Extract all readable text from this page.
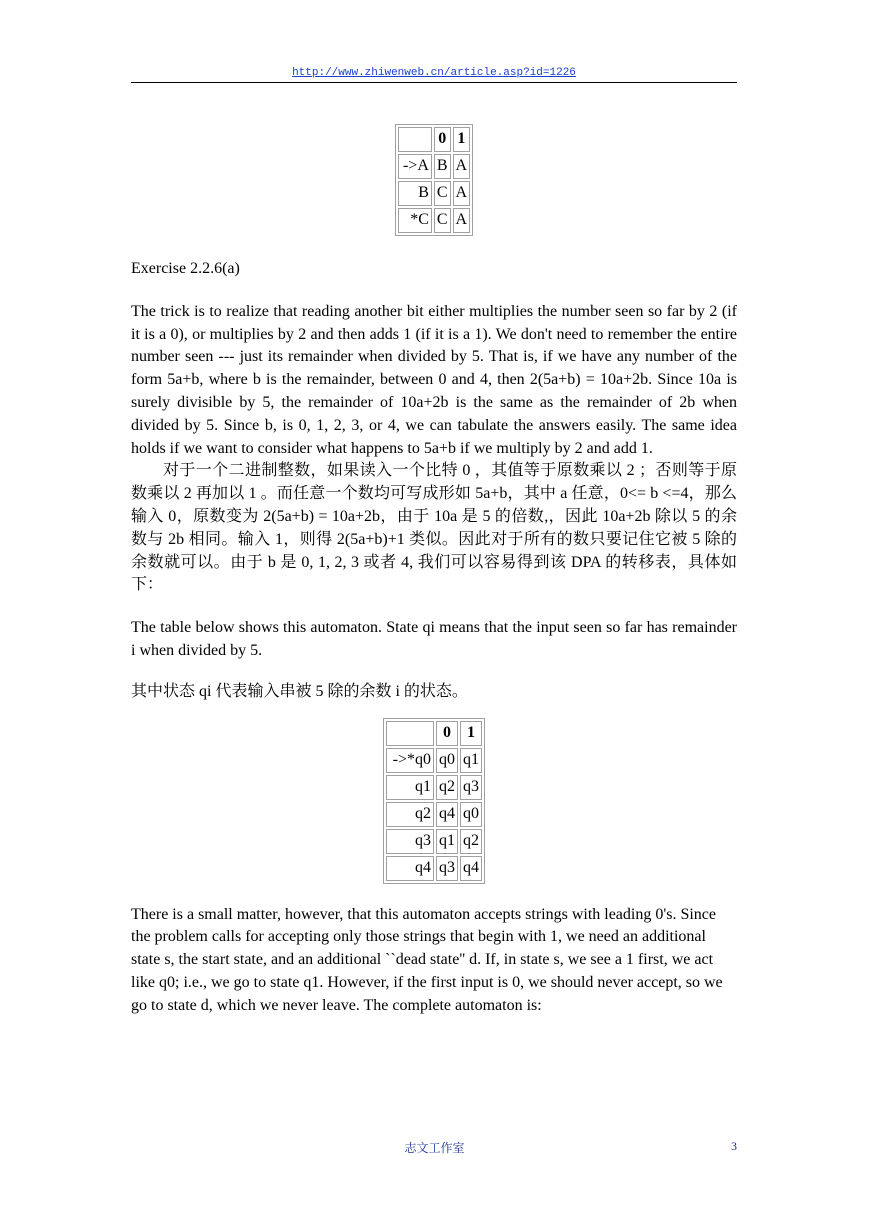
http://www.zhiwenweb.cn/article.asp?id=1226
	0	1
->A	B	A
B	C	A
*C	C	A

Exercise 2.2.6(a)

The trick is to realize that reading another bit either multiplies the number seen so far by 2 (if it is a 0), or multiplies by 2 and then adds 1 (if it is a 1). We don't need to remember the entire number seen --- just its remainder when divided by 5. That is, if we have any number of the form 5a+b, where b is the remainder, between 0 and 4, then 2(5a+b) = 10a+2b. Since 10a is surely divisible by 5, the remainder of 10a+2b is the same as the remainder of 2b when divided by 5. Since b, is 0, 1, 2, 3, or 4, we can tabulate the answers easily. The same idea holds if we want to consider what happens to 5a+b if we multiply by 2 and add 1.

对于一个二进制整数，如果读入一个比特 0 ，其值等于原数乘以 2 ；否则等于原数乘以 2 再加以 1 。而任意一个数均可写成形如 5a+b，其中 a 任意，0<= b <=4，那么输入 0，原数变为 2(5a+b) = 10a+2b，由于 10a 是 5 的倍数,，因此 10a+2b 除以 5 的余数与 2b 相同。输入 1，则得 2(5a+b)+1 类似。因此对于所有的数只要记住它被 5 除的余数就可以。由于 b 是 0, 1, 2, 3 或者 4, 我们可以容易得到该 DPA 的转移表，具体如下：

The table below shows this automaton. State qi means that the input seen so far has remainder i when divided by 5.

其中状态 qi 代表输入串被 5 除的余数 i 的状态。

	0	1
->*q0	q0	q1
q1	q2	q3
q2	q4	q0
q3	q1	q2
q4	q3	q4

There is a small matter, however, that this automaton accepts strings with leading 0's. Since the problem calls for accepting only those strings that begin with 1, we need an additional state s, the start state, and an additional ``dead state'' d. If, in state s, we see a 1 first, we act like q0; i.e., we go to state q1. However, if the first input is 0, we should never accept, so we go to state d, which we never leave. The complete automaton is:

志文工作室	3
